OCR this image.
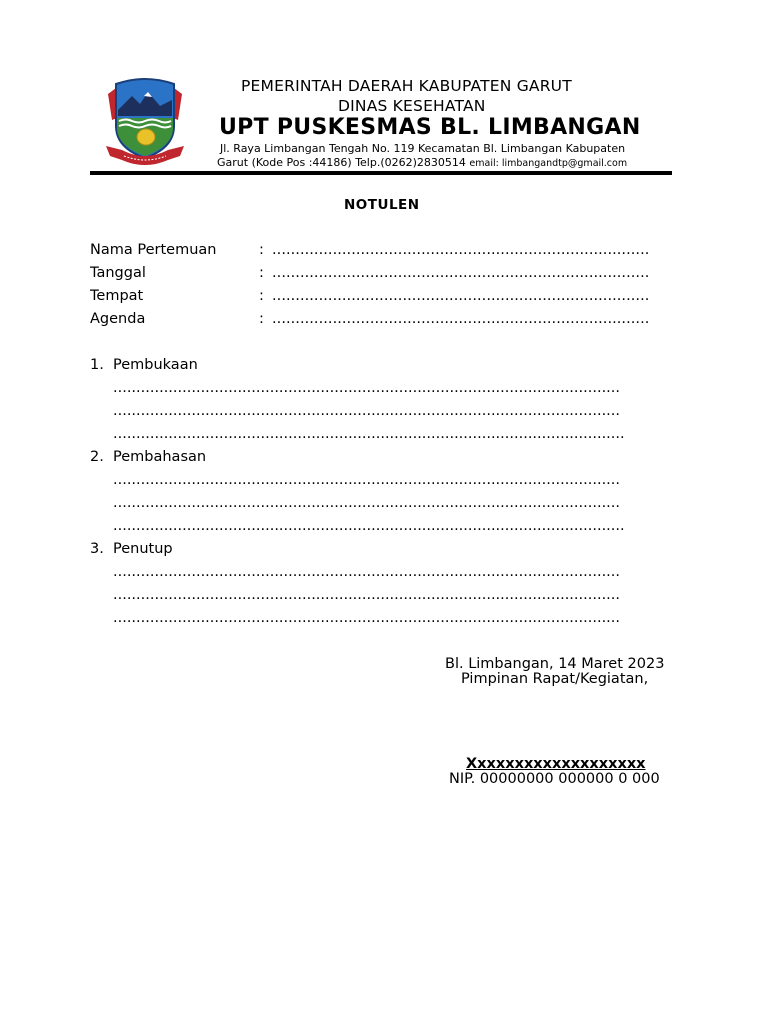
PEMERINTAH DAERAH KABUPATEN GARUT
DINAS KESEHATAN
UPT PUSKESMAS BL. LIMBANGAN
Jl. Raya Limbangan Tengah No. 119 Kecamatan Bl. Limbangan Kabupaten
Garut (Kode Pos :44186) Telp.(0262)2830514 email: limbangandtp@gmail.com
NOTULEN
Nama Pertemuan	: .................................................................................
Tanggal	: .................................................................................
Tempat	: .................................................................................
Agenda	: .................................................................................
1. Pembukaan
..............................................................................................................
..............................................................................................................
...............................................................................................................
2. Pembahasan
..............................................................................................................
..............................................................................................................
...............................................................................................................
3. Penutup
..............................................................................................................
..............................................................................................................
..............................................................................................................
Bl. Limbangan, 14 Maret 2023
Pimpinan Rapat/Kegiatan,
Xxxxxxxxxxxxxxxxxxx
NIP. 00000000 000000 0 000
